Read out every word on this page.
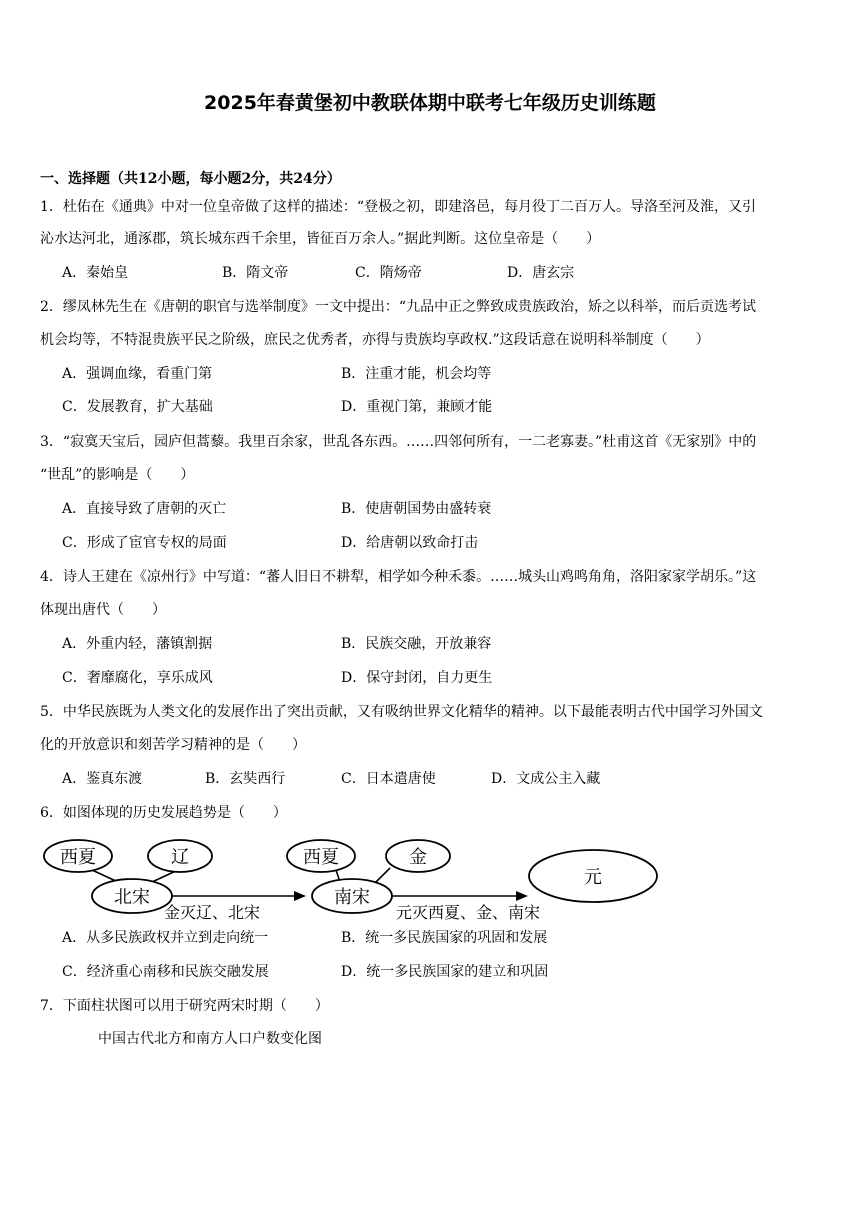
2025年春黄堡初中教联体期中联考七年级历史训练题
一、选择题（共12小题，每小题2分，共24分）
1．杜佑在《通典》中对一位皇帝做了这样的描述：“登极之初，即建洛邑，每月役丁二百万人。导洛至河及淮，又引
沁水达河北，通涿郡，筑长城东西千余里，皆征百万余人。”据此判断。这位皇帝是（　　）
A．秦始皇	B．隋文帝	C．隋炀帝	D．唐玄宗
2．缪凤林先生在《唐朝的职官与选举制度》一文中提出：“九品中正之弊致成贵族政治，矫之以科举，而后贡选考试
机会均等，不特混贵族平民之阶级，庶民之优秀者，亦得与贵族均享政权.”这段话意在说明科举制度（　　）
A．强调血缘，看重门第	B．注重才能，机会均等
C．发展教育，扩大基础	D．重视门第，兼顾才能
3．“寂寞天宝后，园庐但蒿藜。我里百余家，世乱各东西。……四邻何所有，一二老寡妻。”杜甫这首《无家别》中的
“世乱”的影响是（　　）
A．直接导致了唐朝的灭亡	B．使唐朝国势由盛转衰
C．形成了宦官专权的局面	D．给唐朝以致命打击
4．诗人王建在《凉州行》中写道：“蕃人旧日不耕犁，相学如今种禾黍。……城头山鸡鸣角角，洛阳家家学胡乐。”这
体现出唐代（　　）
A．外重内轻，藩镇割据	B．民族交融，开放兼容
C．奢靡腐化，享乐成风	D．保守封闭，自力更生
5．中华民族既为人类文化的发展作出了突出贡献，又有吸纳世界文化精华的精神。以下最能表明古代中国学习外国文
化的开放意识和刻苦学习精神的是（　　）
A．鉴真东渡	B．玄奘西行	C．日本遣唐使	D．文成公主入藏
6．如图体现的历史发展趋势是（　　）
西夏	辽	西夏	金
北宋	南宋
元
金灭辽、北宋	元灭西夏、金、南宋
A．从多民族政权并立到走向统一	B．统一多民族国家的巩固和发展
C．经济重心南移和民族交融发展	D．统一多民族国家的建立和巩固
7．下面柱状图可以用于研究两宋时期（　　）
中国古代北方和南方人口户数变化图
